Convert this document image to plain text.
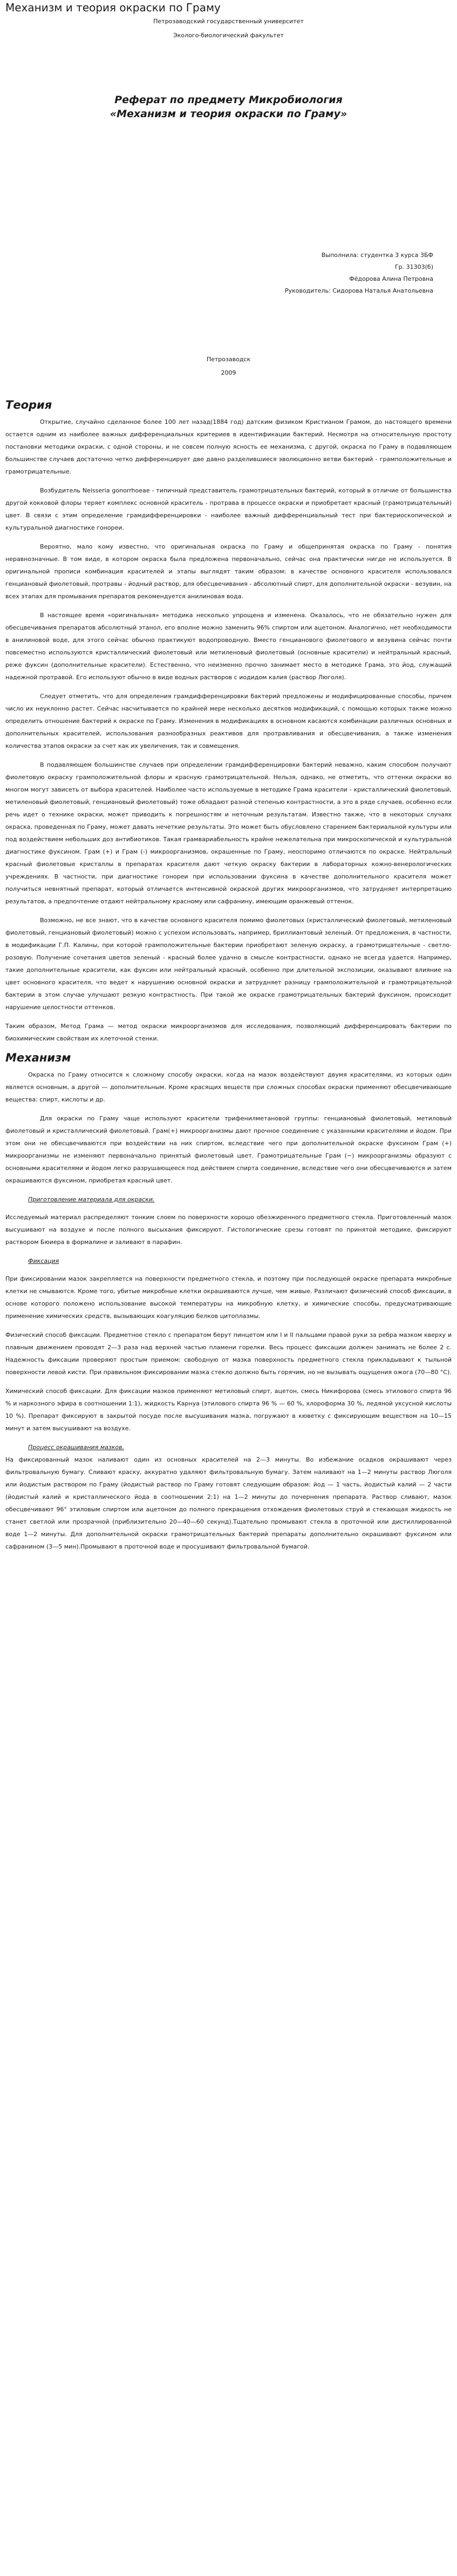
Механизм и теория окраски по Граму
Петрозаводский государственный университет
Эколого-биологический факультет
Реферат по предмету Микробиология
«Механизм и теория окраски по Граму»
Выполнила: студентка 3 курса 3БФ
Гр. 31303(б)
Фёдорова Алина Петровна
Руководитель: Сидорова Наталья Анатольевна
Петрозаводск
2009
Теория

Открытие, случайно сделанное более 100 лет назад(1884 год) датским физиком Кристианом Грамом, до настоящего времени остается одним из наиболее важных дифференциальных критериев в идентификации бактерий. Несмотря на относительную простоту постановки методики окраски, с одной стороны, и не совсем полную ясность ее механизма, с другой, окраска по Граму в подавляющем большинстве случаев достаточно четко дифференцирует две давно разделившиеся эволюционно ветви бактерий - грамположительные и грамотрицательные.

Возбудитель Neisseria gonorrhoeae - типичный представитель грамотрицательных бактерий, который в отличие от большинства другой кокковой флоры теряет комплекс основной краситель - протрава в процессе окраски и приобретает красный (грамотрицательный) цвет. В связи с этим определение грамдифференцировки - наиболее важный дифференциальный тест при бактериоскопической и культуральной диагностике гонореи.

Вероятно, мало кому известно, что оригинальная окраска по Граму и общепринятая окраска по Граму - понятия неравнозначные. В том виде, в котором окраска была предложена первоначально, сейчас она практически нигде не используется. В оригинальной прописи комбинация красителей и этапы выглядят таким образом: в качестве основного красителя использовался генциановый фиолетовый, протравы - йодный раствор, для обесцвечивания - абсолютный спирт, для дополнительной окраски - везувин, на всех этапах для промывания препаратов рекомендуется анилиновая вода.

В настоящее время «оригинальная» методика несколько упрощена и изменена. Оказалось, что не обязательно нужен для обесцвечивания препаратов абсолютный этанол, его вполне можно заменить 96% спиртом или ацетоном. Аналогично, нет необходимости в анилиновой воде, для этого сейчас обычно практикуют водопроводную. Вместо генцианового фиолетового и везувина сейчас почти повсеместно используются кристаллический фиолетовый или метиленовый фиолетовый (основные красители) и нейтральный красный, реже фуксин (дополнительные красители). Естественно, что неизменно прочно занимает место в методике Грама, это йод, служащий надежной протравой. Его используют обычно в виде водных растворов с иодидом калия (раствор Люголя).

Следует отметить, что для определения грамдифференцировки бактерий предложены и модифицированные способы, причем число их неуклонно растет. Сейчас насчитывается по крайней мере несколько десятков модификаций, с помощью которых также можно определить отношение бактерий к окраске по Граму. Изменения в модификациях в основном касаются комбинации различных основных и дополнительных красителей, использования разнообразных реактивов для протравливания и обесцвечивания, а также изменения количества этапов окраски за счет как их увеличения, так и совмещения.

В подавляющем большинстве случаев при определении грамдифференцировки бактерий неважно, каким способом получают фиолетовую окраску грамположительной флоры и красную грамотрицательной. Нельзя, однако, не отметить, что оттенки окраски во многом могут зависеть от выбора красителей. Наиболее часто используемые в методике Грама красители - кристаллический фиолетовый, метиленовый фиолетовый, генциановый фиолетовый) тоже обладают разной степенью контрастности, а это в ряде случаев, особенно если речь идет о технике окраски, может приводить к погрешностям и неточным результатам. Известно также, что в некоторых случаях окраска, проведенная по Граму, может давать нечеткие результаты. Это может быть обусловлено старением бактериальной культуры или под воздействием небольших доз антибиотиков. Такая грамвариабельность крайне нежелательна при микроскопической и культуральной диагностике фуксином. Грам (+) и Грам (-) микроорганизмов, окрашенные по Граму, неоспоримо отличаются по окраске. Нейтральный красный фиолетовые кристаллы в препаратах красителя дают четкую окраску бактерии в лабораторных кожно-венерологических учреждениях. В частности, при диагностике гонореи при использовании фуксина в качестве дополнительного красителя может получиться невнятный препарат, который отличается интенсивной окраской других микроорганизмов, что затрудняет интерпретацию результатов, а предпочтение отдают нейтральному красному или сафранину, имеющим оранжевый оттенок.

Возможно, не все знают, что в качестве основного красителя помимо фиолетовых (кристаллический фиолетовый, метиленовый фиолетовый, генциановый фиолетовый) можно с успехом использовать, например, бриллиантовый зеленый. От предложения, в частности, в модификации Г.П. Калины, при которой грамположительные бактерии приобретают зеленую окраску, а грамотрицательные - светло-розовую. Получение сочетания цветов зеленый - красный более удачно в смысле контрастности, однако не всегда удается. Например, такие дополнительные красители, как фуксин или нейтральный красный, особенно при длительной экспозиции, оказывают влияние на цвет основного красителя, что ведет к нарушению основной окраски и затрудняет разницу грамположительной и грамотрицательной бактерии в этом случае улучшают резкую контрастность. При такой же окраске грамотрицательных бактерий фуксином, происходит нарушение целостности оттенков.

Таким образом, Метод Грама — метод окраски микроорганизмов для исследования, позволяющий дифференцировать бактерии по биохимическим свойствам их клеточной стенки.

Механизм

Окраска по Граму относится к сложному способу окраски, когда на мазок воздействуют двумя красителями, из которых один является основным, а другой — дополнительным. Кроме красящих веществ при сложных способах окраски применяют обесцвечивающие вещества: спирт, кислоты и др.

Для окраски по Граму чаще используют красители трифенилметановой группы: генциановый фиолетовый, метиловый фиолетовый и кристаллический фиолетовый. Грам(+) микроорганизмы дают прочное соединение с указанными красителями и йодом. При этом они не обесцвечиваются при воздействии на них спиртом, вследствие чего при дополнительной окраске фуксином Грам (+) микроорганизмы не изменяют первоначально принятый фиолетовый цвет. Грамотрицательные Грам (−) микроорганизмы образуют с основными красителями и йодом легко разрушающееся под действием спирта соединение, вследствие чего они обесцвечиваются и затем окрашиваются фуксином, приобретая красный цвет.

Приготовление материала для окраски.

Исследуемый материал распределяют тонким слоем по поверхности хорошо обезжиренного предметного стекла. Приготовленный мазок высушивают на воздухе и после полного высыхания фиксируют. Гистологические срезы готовят по принятой методике, фиксируют раствором Бюиера в формалине и заливают в парафин.

Фиксация

При фиксировании мазок закрепляется на поверхности предметного стекла, и поэтому при последующей окраске препарата микробные клетки не смываются. Кроме того, убитые микробные клетки окрашиваются лучше, чем живые. Различают физический способ фиксации, в основе которого положено использование высокой температуры на микробную клетку, и химические способы, предусматривающие применение химических средств, вызывающих коагуляцию белков цитоплазмы.

Физический способ фиксации. Предметное стекло с препаратом берут пинцетом или I и II пальцами правой руки за ребра мазком кверху и плавным движением проводят 2—3 раза над верхней частью пламени горелки. Весь процесс фиксации должен занимать не более 2 с. Надежность фиксации проверяют простым приемом: свободную от мазка поверхность предметного стекла прикладывают к тыльной поверхности левой кисти. При правильном фиксировании мазка стекло должно быть горячим, но не вызывать ощущения ожога (70—80 °C).

Химический способ фиксации. Для фиксации мазков применяют метиловый спирт, ацетон, смесь Никифорова (смесь этилового спирта 96 % и наркозного эфира в соотношении 1:1), жидкость Карнуа (этилового спирта 96 % — 60 %, хлороформа 30 %, ледяной уксусной кислоты 10 %). Препарат фиксируют в закрытой посуде после высушивания мазка, погружают в кюветку с фиксирующим веществом на 10—15 минут и затем высушивают на воздухе.

Процесс окрашивания мазков.

На фиксированный мазок наливают один из основных красителей на 2—3 минуты. Во избежание осадков окрашивают через фильтровальную бумагу. Сливают краску, аккуратно удаляют фильтровальную бумагу. Затем наливают на 1—2 минуты раствор Люголя или йодистым раствором по Граму (йодистый раствор по Граму готовят следующим образом: йод — 1 часть, йодистый калий — 2 части (йодистый калий и кристаллического йода в соотношении 2:1) на 1—2 минуты до почернения препарата. Раствор сливают, мазок обесцвечивают 96° этиловым спиртом или ацетоном до полного прекращения отхождения фиолетовых струй и стекающая жидкость не станет светлой или прозрачной (приблизительно 20—40—60 секунд).Тщательно промывают стекла в проточной или дистиллированной воде 1—2 минуты. Для дополнительной окраски грамотрицательных бактерий препараты дополнительно окрашивают фуксином или сафранином (3—5 мин).Промывают в проточной воде и просушивают фильтровальной бумагой.
